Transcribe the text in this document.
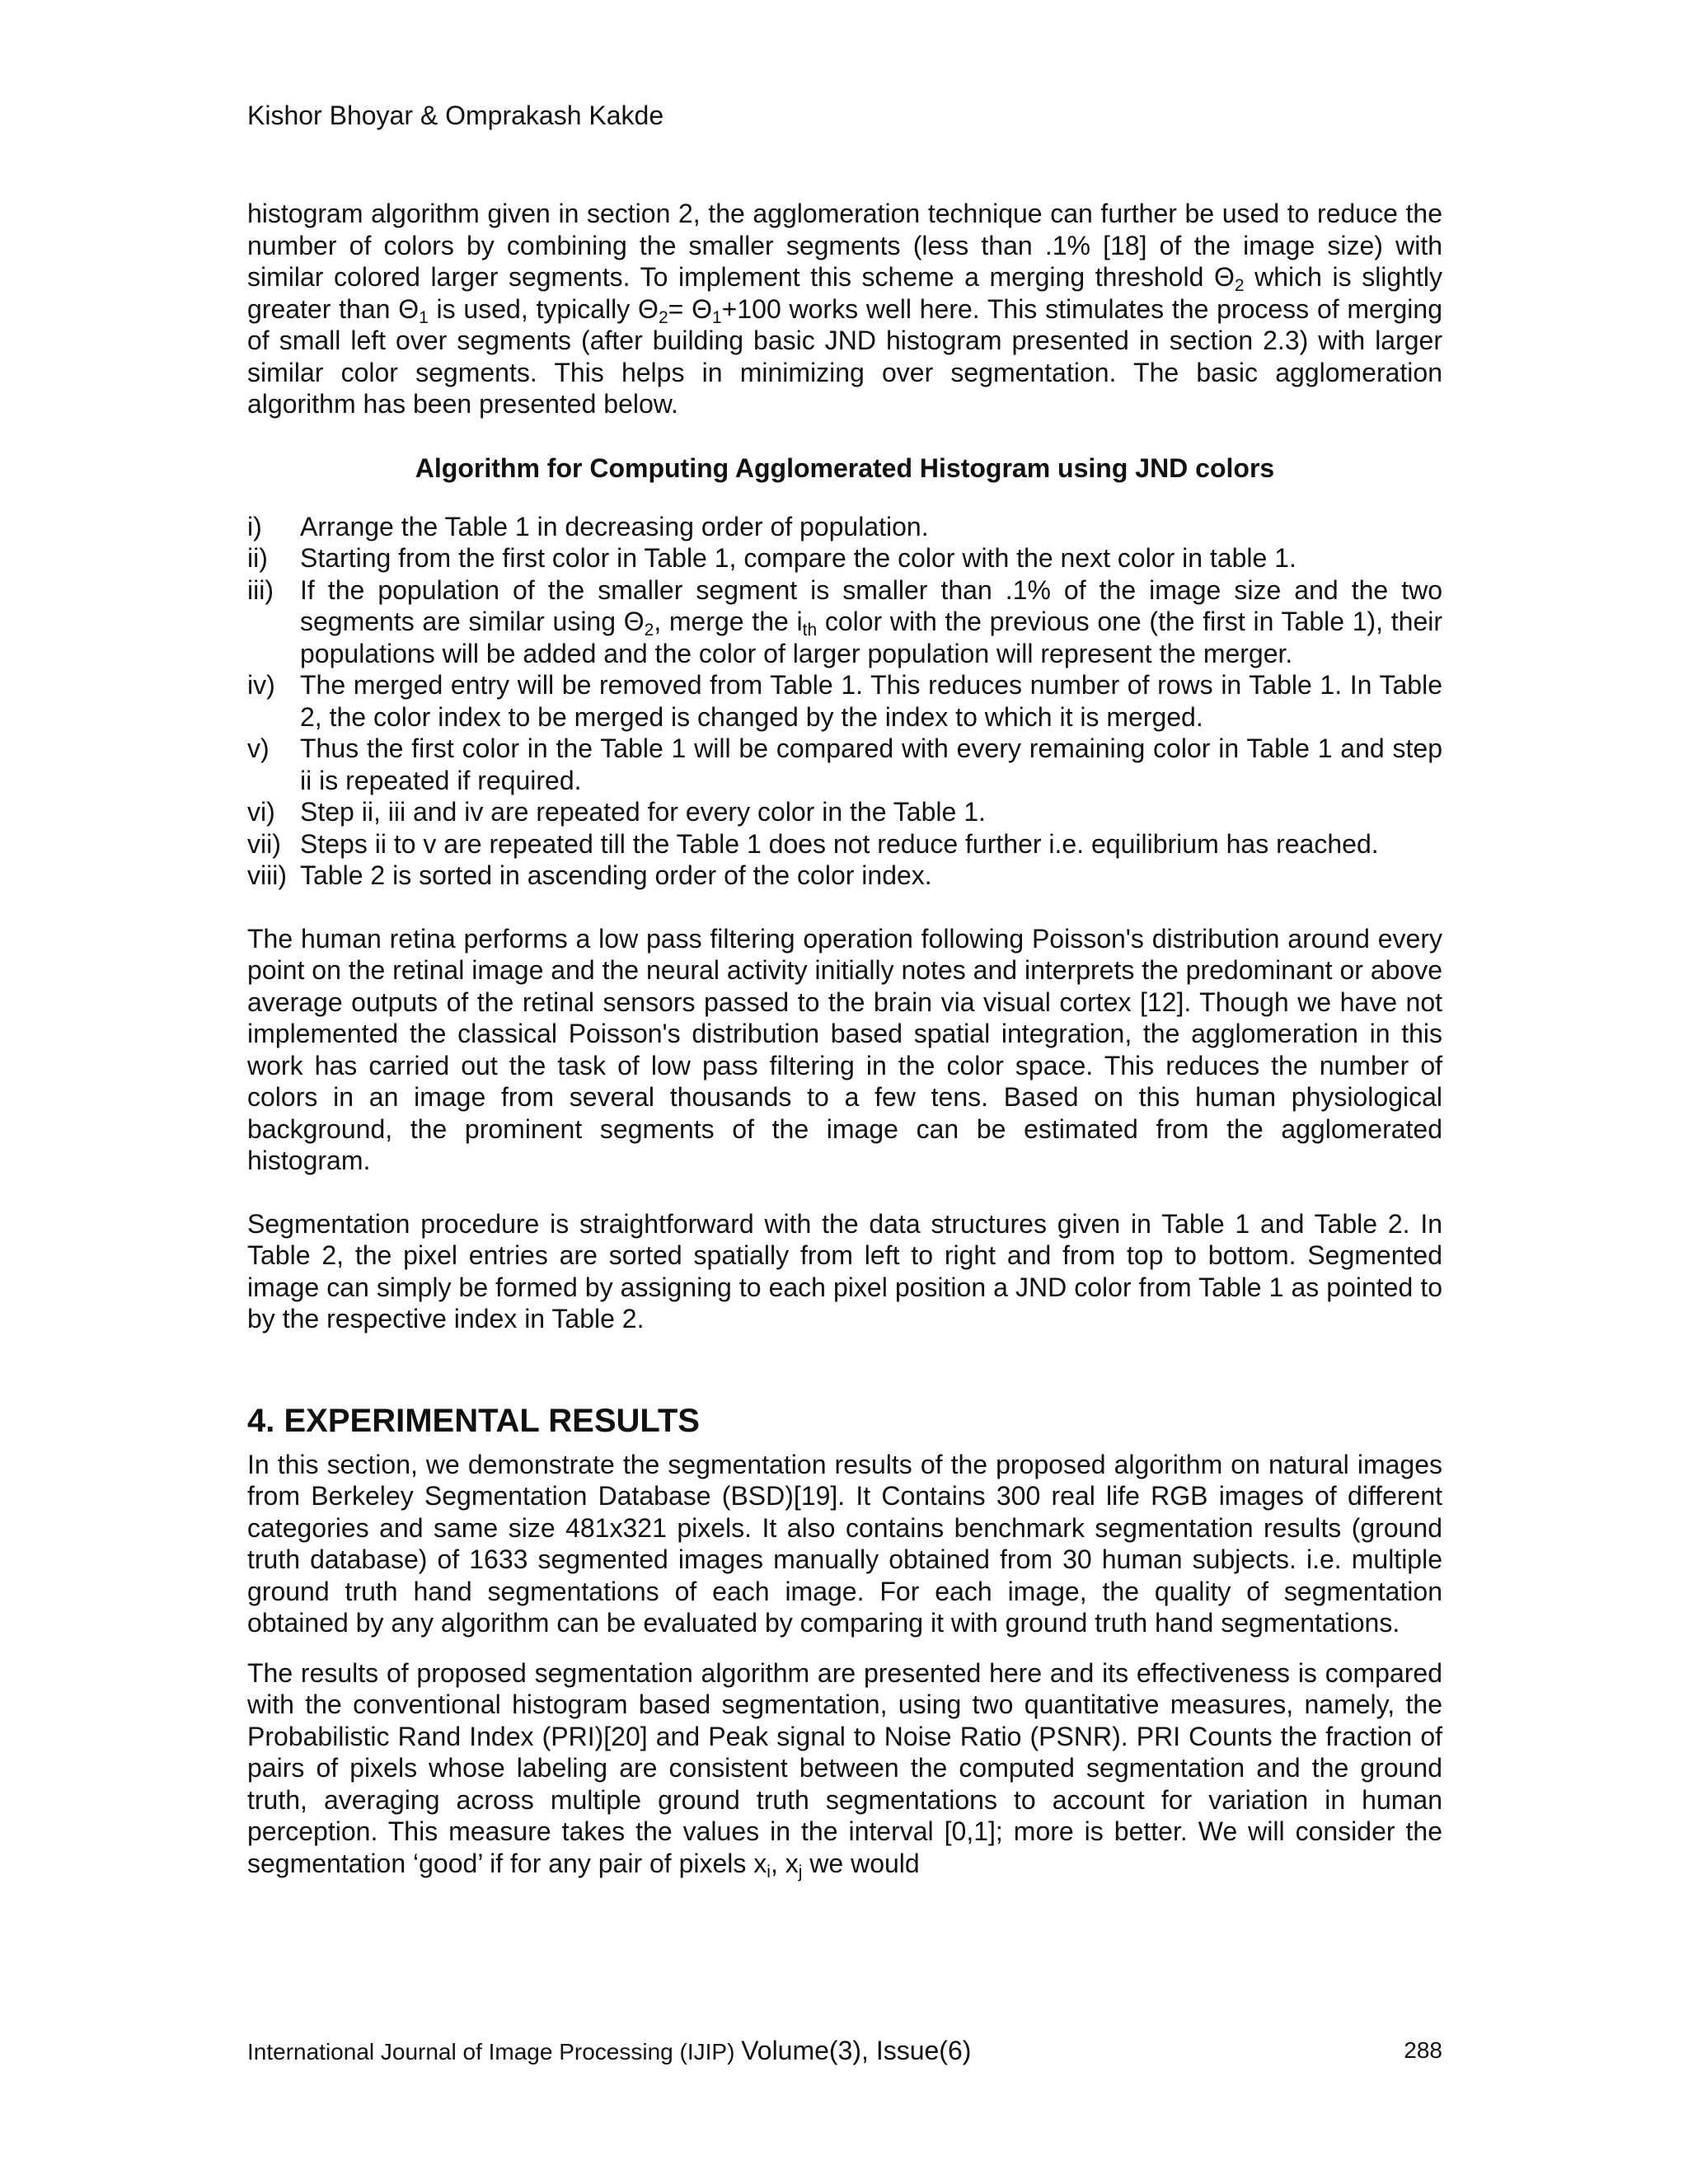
Kishor Bhoyar & Omprakash Kakde

histogram algorithm given in section 2, the agglomeration technique can further be used to reduce the number of colors by combining the smaller segments (less than .1% [18] of the image size) with similar colored larger segments. To implement this scheme a merging threshold $\Theta_2$ which is slightly greater than $\Theta_1$ is used, typically $\Theta_2= \Theta_1+100$ works well here. This stimulates the process of merging of small left over segments (after building basic JND histogram presented in section 2.3) with larger similar color segments. This helps in minimizing over segmentation. The basic agglomeration algorithm has been presented below.

Algorithm for Computing Agglomerated Histogram using JND colors
i)	Arrange the Table 1 in decreasing order of population.
ii)	Starting from the first color in Table 1, compare the color with the next color in table 1.
iii)	If the population of the smaller segment is smaller than .1% of the image size and the two segments are similar using $\Theta_2$, merge the $i_{th}$ color with the previous one (the first in Table 1), their populations will be added and the color of larger population will represent the merger.
iv) The merged entry will be removed from Table 1. This reduces number of rows in Table 1. In Table 2, the color index to be merged is changed by the index to which it is merged.
v)	Thus the first color in the Table 1 will be compared with every remaining color in Table 1 and step ii is repeated if required.
vi) Step ii, iii and iv are repeated for every color in the Table 1.
vii) Steps ii to v are repeated till the Table 1 does not reduce further i.e. equilibrium has reached.
viii) Table 2 is sorted in ascending order of the color index.

The human retina performs a low pass filtering operation following Poisson's distribution around every point on the retinal image and the neural activity initially notes and interprets the predominant or above average outputs of the retinal sensors passed to the brain via visual cortex [12]. Though we have not implemented the classical Poisson's distribution based spatial integration, the agglomeration in this work has carried out the task of low pass filtering in the color space. This reduces the number of colors in an image from several thousands to a few tens. Based on this human physiological background, the prominent segments of the image can be estimated from the agglomerated histogram.

Segmentation procedure is straightforward with the data structures given in Table 1 and Table 2. In Table 2, the pixel entries are sorted spatially from left to right and from top to bottom. Segmented image can simply be formed by assigning to each pixel position a JND color from Table 1 as pointed to by the respective index in Table 2.

4. EXPERIMENTAL RESULTS

In this section, we demonstrate the segmentation results of the proposed algorithm on natural images from Berkeley Segmentation Database (BSD)[19]. It Contains 300 real life RGB images of different categories and same size 481x321 pixels. It also contains benchmark segmentation results (ground truth database) of 1633 segmented images manually obtained from 30 human subjects. i.e. multiple ground truth hand segmentations of each image. For each image, the quality of segmentation obtained by any algorithm can be evaluated by comparing it with ground truth hand segmentations.

The results of proposed segmentation algorithm are presented here and its effectiveness is compared with the conventional histogram based segmentation, using two quantitative measures, namely, the Probabilistic Rand Index (PRI)[20] and Peak signal to Noise Ratio (PSNR). PRI Counts the fraction of pairs of pixels whose labeling are consistent between the computed segmentation and the ground truth, averaging across multiple ground truth segmentations to account for variation in human perception. This measure takes the values in the interval [0,1]; more is better. We will consider the segmentation ‘good’ if for any pair of pixels $x_i$, $x_j$ we would

International Journal of Image Processing (IJIP) Volume(3), Issue(6)	288
